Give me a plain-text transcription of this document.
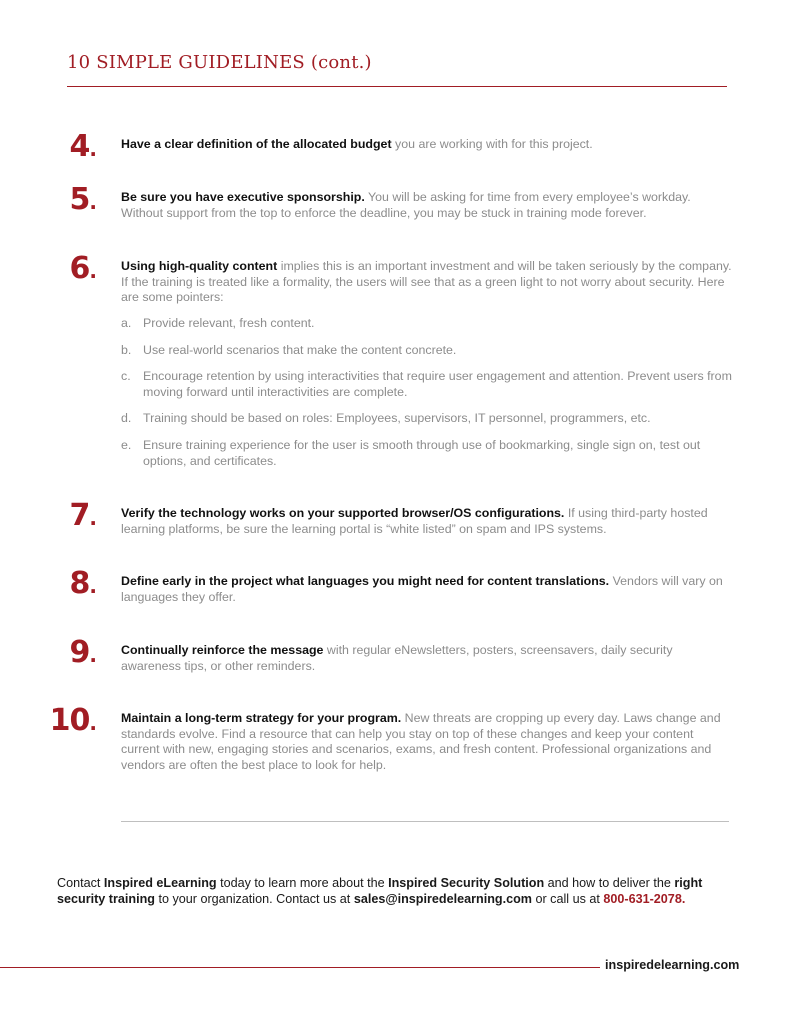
10 SIMPLE GUIDELINES (cont.)
4. Have a clear definition of the allocated budget you are working with for this project.
5. Be sure you have executive sponsorship. You will be asking for time from every employee’s workday. Without support from the top to enforce the deadline, you may be stuck in training mode forever.
6. Using high-quality content implies this is an important investment and will be taken seriously by the company. If the training is treated like a formality, the users will see that as a green light to not worry about security. Here are some pointers:
a. Provide relevant, fresh content.
b. Use real-world scenarios that make the content concrete.
c. Encourage retention by using interactivities that require user engagement and attention. Prevent users from moving forward until interactivities are complete.
d. Training should be based on roles: Employees, supervisors, IT personnel, programmers, etc.
e. Ensure training experience for the user is smooth through use of bookmarking, single sign on, test out options, and certificates.
7. Verify the technology works on your supported browser/OS configurations. If using third-party hosted learning platforms, be sure the learning portal is “white listed” on spam and IPS systems.
8. Define early in the project what languages you might need for content translations. Vendors will vary on languages they offer.
9. Continually reinforce the message with regular eNewsletters, posters, screensavers, daily security awareness tips, or other reminders.
10. Maintain a long-term strategy for your program. New threats are cropping up every day. Laws change and standards evolve. Find a resource that can help you stay on top of these changes and keep your content current with new, engaging stories and scenarios, exams, and fresh content. Professional organizations and vendors are often the best place to look for help.
Contact Inspired eLearning today to learn more about the Inspired Security Solution and how to deliver the right security training to your organization. Contact us at sales@inspiredelearning.com or call us at 800-631-2078.
inspiredelearning.com
